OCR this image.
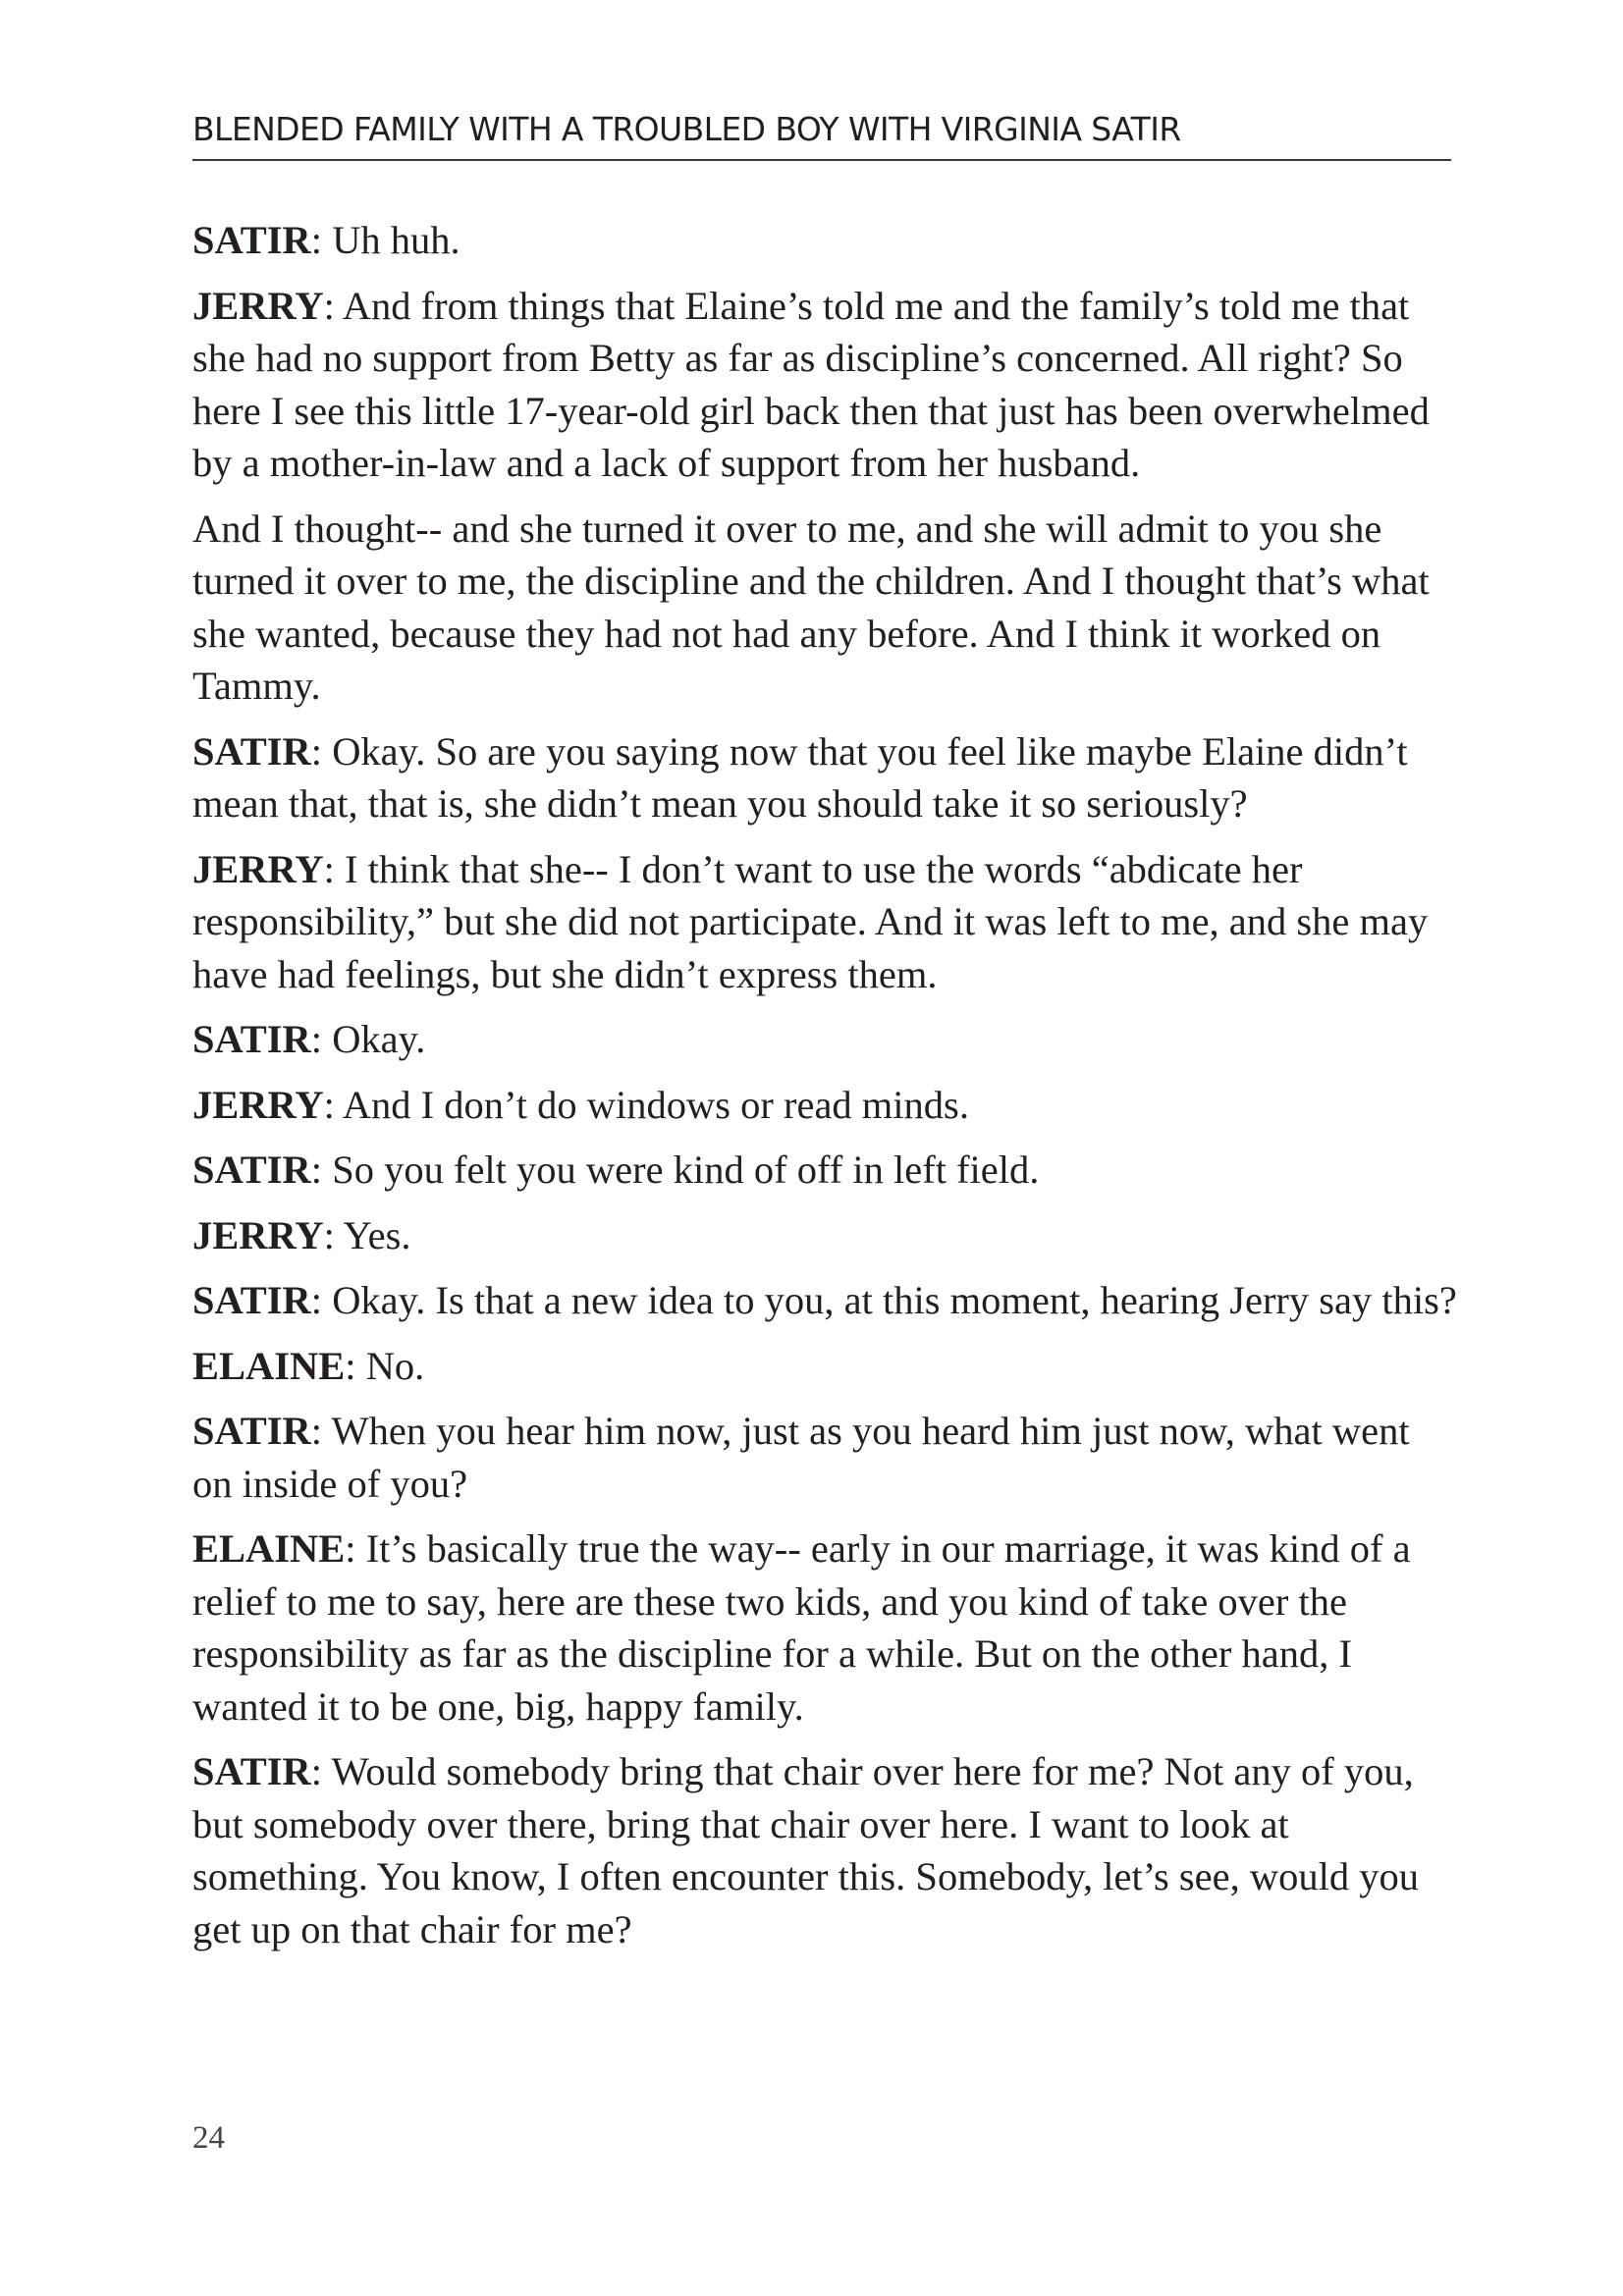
BLENDED FAMILY WITH A TROUBLED BOY WITH VIRGINIA SATIR

SATIR: Uh huh.

JERRY: And from things that Elaine’s told me and the family’s told me that she had no support from Betty as far as discipline’s concerned. All right? So here I see this little 17-year-old girl back then that just has been overwhelmed by a mother-in-law and a lack of support from her husband.

And I thought-- and she turned it over to me, and she will admit to you she turned it over to me, the discipline and the children. And I thought that’s what she wanted, because they had not had any before. And I think it worked on Tammy.

SATIR: Okay. So are you saying now that you feel like maybe Elaine didn’t mean that, that is, she didn’t mean you should take it so seriously?

JERRY: I think that she-- I don’t want to use the words “abdicate her responsibility,” but she did not participate. And it was left to me, and she may have had feelings, but she didn’t express them.

SATIR: Okay.

JERRY: And I don’t do windows or read minds.

SATIR: So you felt you were kind of off in left field.

JERRY: Yes.

SATIR: Okay. Is that a new idea to you, at this moment, hearing Jerry say this?

ELAINE: No.

SATIR: When you hear him now, just as you heard him just now, what went on inside of you?

ELAINE: It’s basically true the way-- early in our marriage, it was kind of a relief to me to say, here are these two kids, and you kind of take over the responsibility as far as the discipline for a while. But on the other hand, I wanted it to be one, big, happy family.

SATIR: Would somebody bring that chair over here for me? Not any of you, but somebody over there, bring that chair over here. I want to look at something. You know, I often encounter this. Somebody, let’s see, would you get up on that chair for me?

24
